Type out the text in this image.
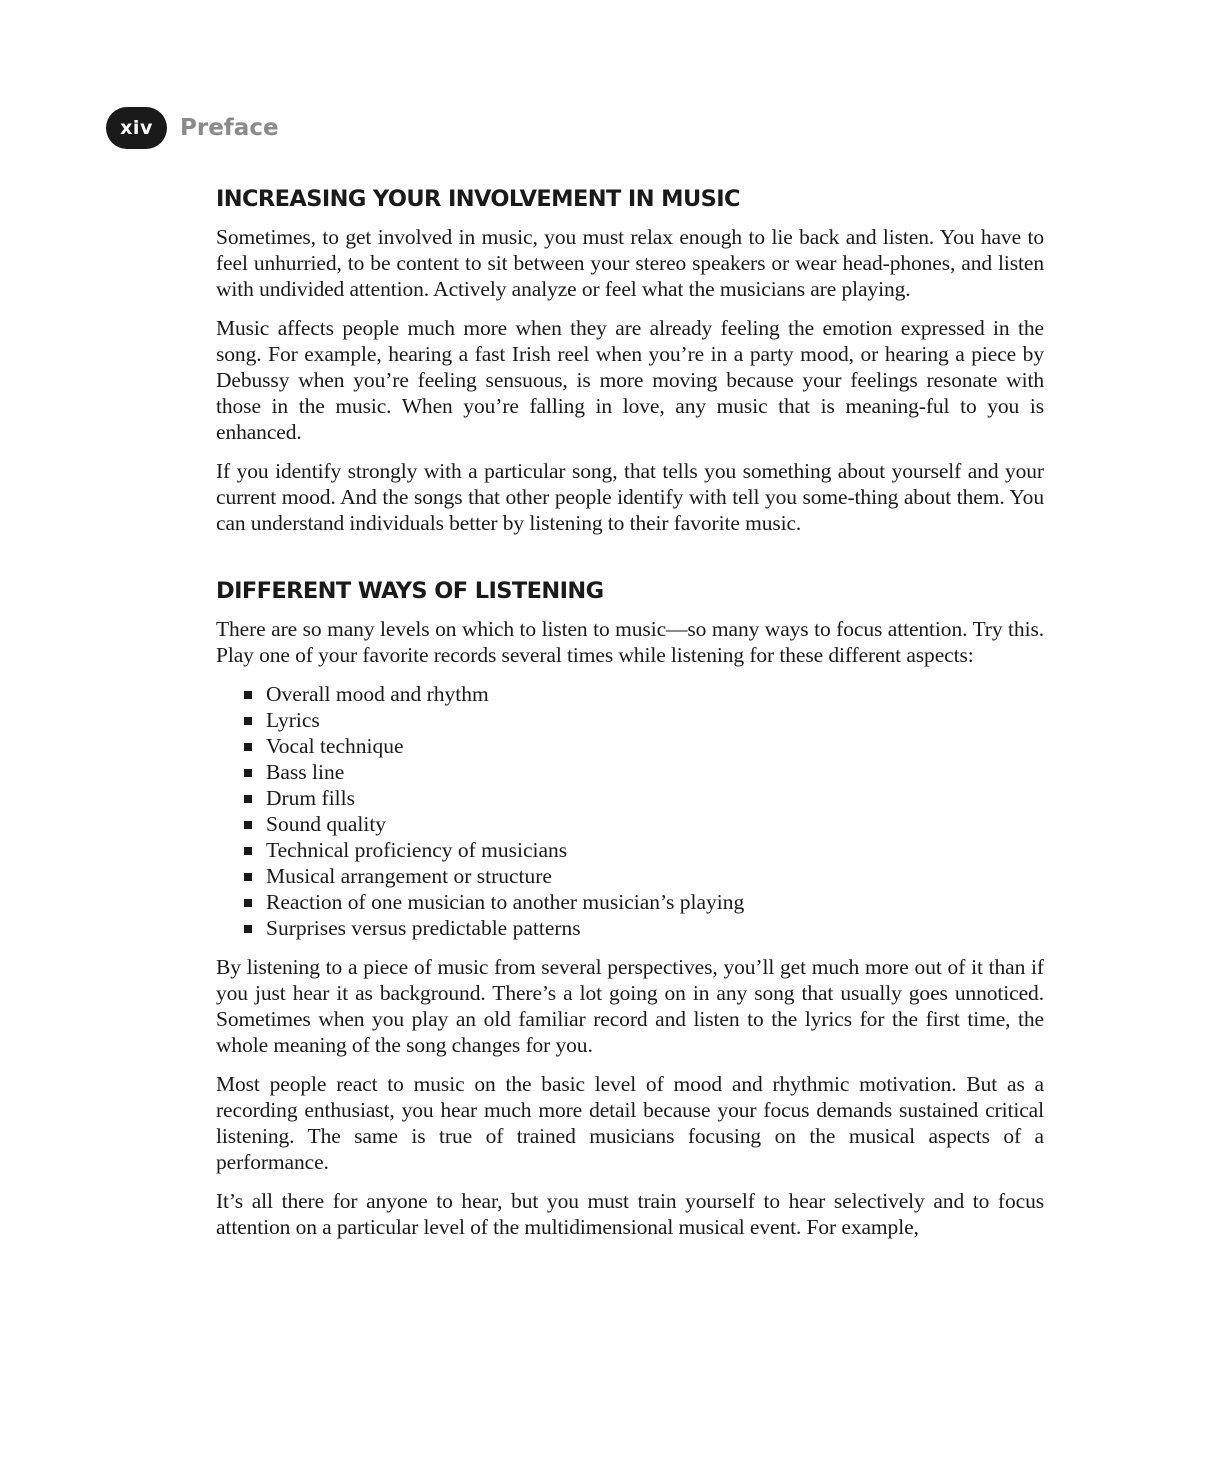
xiv	Preface
INCREASING YOUR INVOLVEMENT IN MUSIC

Sometimes, to get involved in music, you must relax enough to lie back and listen. You have to feel unhurried, to be content to sit between your stereo speakers or wear head-phones, and listen with undivided attention. Actively analyze or feel what the musicians are playing.

Music affects people much more when they are already feeling the emotion expressed in the song. For example, hearing a fast Irish reel when you’re in a party mood, or hearing a piece by Debussy when you’re feeling sensuous, is more moving because your feelings resonate with those in the music. When you’re falling in love, any music that is meaning-ful to you is enhanced.

If you identify strongly with a particular song, that tells you something about yourself and your current mood. And the songs that other people identify with tell you some-thing about them. You can understand individuals better by listening to their favorite music.

DIFFERENT WAYS OF LISTENING

There are so many levels on which to listen to music—so many ways to focus attention. Try this. Play one of your favorite records several times while listening for these different aspects:

Overall mood and rhythm
Lyrics
Vocal technique
Bass line
Drum fills
Sound quality
Technical proficiency of musicians
Musical arrangement or structure
Reaction of one musician to another musician’s playing
Surprises versus predictable patterns

By listening to a piece of music from several perspectives, you’ll get much more out of it than if you just hear it as background. There’s a lot going on in any song that usually goes unnoticed. Sometimes when you play an old familiar record and listen to the lyrics for the first time, the whole meaning of the song changes for you.

Most people react to music on the basic level of mood and rhythmic motivation. But as a recording enthusiast, you hear much more detail because your focus demands sustained critical listening. The same is true of trained musicians focusing on the musical aspects of a performance.

It’s all there for anyone to hear, but you must train yourself to hear selectively and to focus attention on a particular level of the multidimensional musical event. For example,
